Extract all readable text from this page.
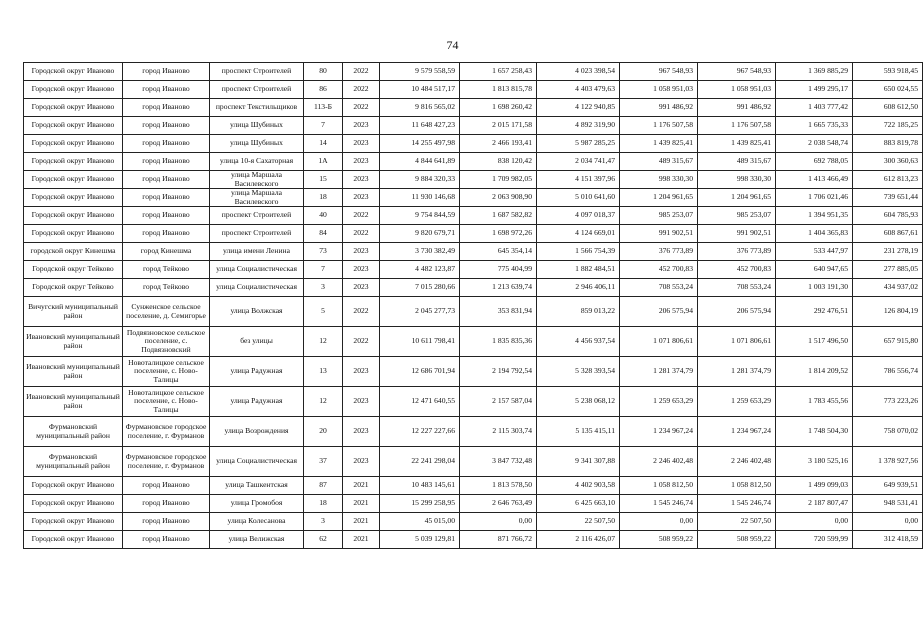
74
Городской округ Иваново	город Иваново	проспект Строителей	80	2022	9 579 558,59	1 657 258,43	4 023 398,54	967 548,93	967 548,93	1 369 885,29	593 918,45
Городской округ Иваново	город Иваново	проспект Строителей	86	2022	10 484 517,17	1 813 815,78	4 403 479,63	1 058 951,03	1 058 951,03	1 499 295,17	650 024,55
Городской округ Иваново	город Иваново	проспект Текстильщиков	113-Б	2022	9 816 565,02	1 698 260,42	4 122 940,85	991 486,92	991 486,92	1 403 777,42	608 612,50
Городской округ Иваново	город Иваново	улица Шубиных	7	2023	11 648 427,23	2 015 171,58	4 892 319,90	1 176 507,58	1 176 507,58	1 665 735,33	722 185,25
Городской округ Иваново	город Иваново	улица Шубиных	14	2023	14 255 497,98	2 466 193,41	5 987 285,25	1 439 825,41	1 439 825,41	2 038 548,74	883 819,78
Городской округ Иваново	город Иваново	улица 10-я Сахаторная	1А	2023	4 844 641,89	838 120,42	2 034 741,47	489 315,67	489 315,67	692 788,05	300 360,63
Городской округ Иваново	город Иваново	улица Маршала Василевского	15	2023	9 884 320,33	1 709 982,05	4 151 397,96	998 330,30	998 330,30	1 413 466,49	612 813,23
Городской округ Иваново	город Иваново	улица Маршала Василевского	18	2023	11 930 146,68	2 063 908,90	5 010 641,60	1 204 961,65	1 204 961,65	1 706 021,46	739 651,44
Городской округ Иваново	город Иваново	проспект Строителей	40	2022	9 754 844,59	1 687 582,82	4 097 018,37	985 253,07	985 253,07	1 394 951,35	604 785,93
Городской округ Иваново	город Иваново	проспект Строителей	84	2022	9 820 679,71	1 698 972,26	4 124 669,01	991 902,51	991 902,51	1 404 365,83	608 867,61
городской округ Кинешма	город Кинешма	улица имени Ленина	73	2023	3 730 382,49	645 354,14	1 566 754,39	376 773,89	376 773,89	533 447,97	231 278,19
Городской округ Тейково	город Тейково	улица Социалистическая	7	2023	4 482 123,87	775 404,99	1 882 484,51	452 700,83	452 700,83	640 947,65	277 885,05
Городской округ Тейково	город Тейково	улица Социалистическая	3	2023	7 015 280,66	1 213 639,74	2 946 406,11	708 553,24	708 553,24	1 003 191,30	434 937,02
Вичугский муниципальный район	Сунженское сельское поселение, д. Семигорье	улица Волжская	5	2022	2 045 277,73	353 831,94	859 013,22	206 575,94	206 575,94	292 476,51	126 804,19
Ивановский муниципальный район	Подвязновское сельское поселение, с. Подвязновский	без улицы	12	2022	10 611 798,41	1 835 835,36	4 456 937,54	1 071 806,61	1 071 806,61	1 517 496,50	657 915,80
Ивановский муниципальный район	Новоталицкое сельское поселение, с. Ново-Талицы	улица Радужная	13	2023	12 686 701,94	2 194 792,54	5 328 393,54	1 281 374,79	1 281 374,79	1 814 209,52	786 556,74
Ивановский муниципальный район	Новоталицкое сельское поселение, с. Ново-Талицы	улица Радужная	12	2023	12 471 640,55	2 157 587,04	5 238 068,12	1 259 653,29	1 259 653,29	1 783 455,56	773 223,26
Фурмановский муниципальный район	Фурмановское городское поселение, г. Фурманов	улица Возрождения	20	2023	12 227 227,66	2 115 303,74	5 135 415,11	1 234 967,24	1 234 967,24	1 748 504,30	758 070,02
Фурмановский муниципальный район	Фурмановское городское поселение, г. Фурманов	улица Социалистическая	37	2023	22 241 298,04	3 847 732,48	9 341 307,88	2 246 402,48	2 246 402,48	3 180 525,16	1 378 927,56
Городской округ Иваново	город Иваново	улица Ташкентская	87	2021	10 483 145,61	1 813 578,50	4 402 903,58	1 058 812,50	1 058 812,50	1 499 099,03	649 939,51
Городской округ Иваново	город Иваново	улица Громобоя	18	2021	15 299 258,95	2 646 763,49	6 425 663,10	1 545 246,74	1 545 246,74	2 187 807,47	948 531,41
Городской округ Иваново	город Иваново	улица Колесанова	3	2021	45 015,00	0,00	22 507,50	0,00	22 507,50	0,00	0,00
Городской округ Иваново	город Иваново	улица Велижская	62	2021	5 039 129,81	871 766,72	2 116 426,07	508 959,22	508 959,22	720 599,99	312 418,59
